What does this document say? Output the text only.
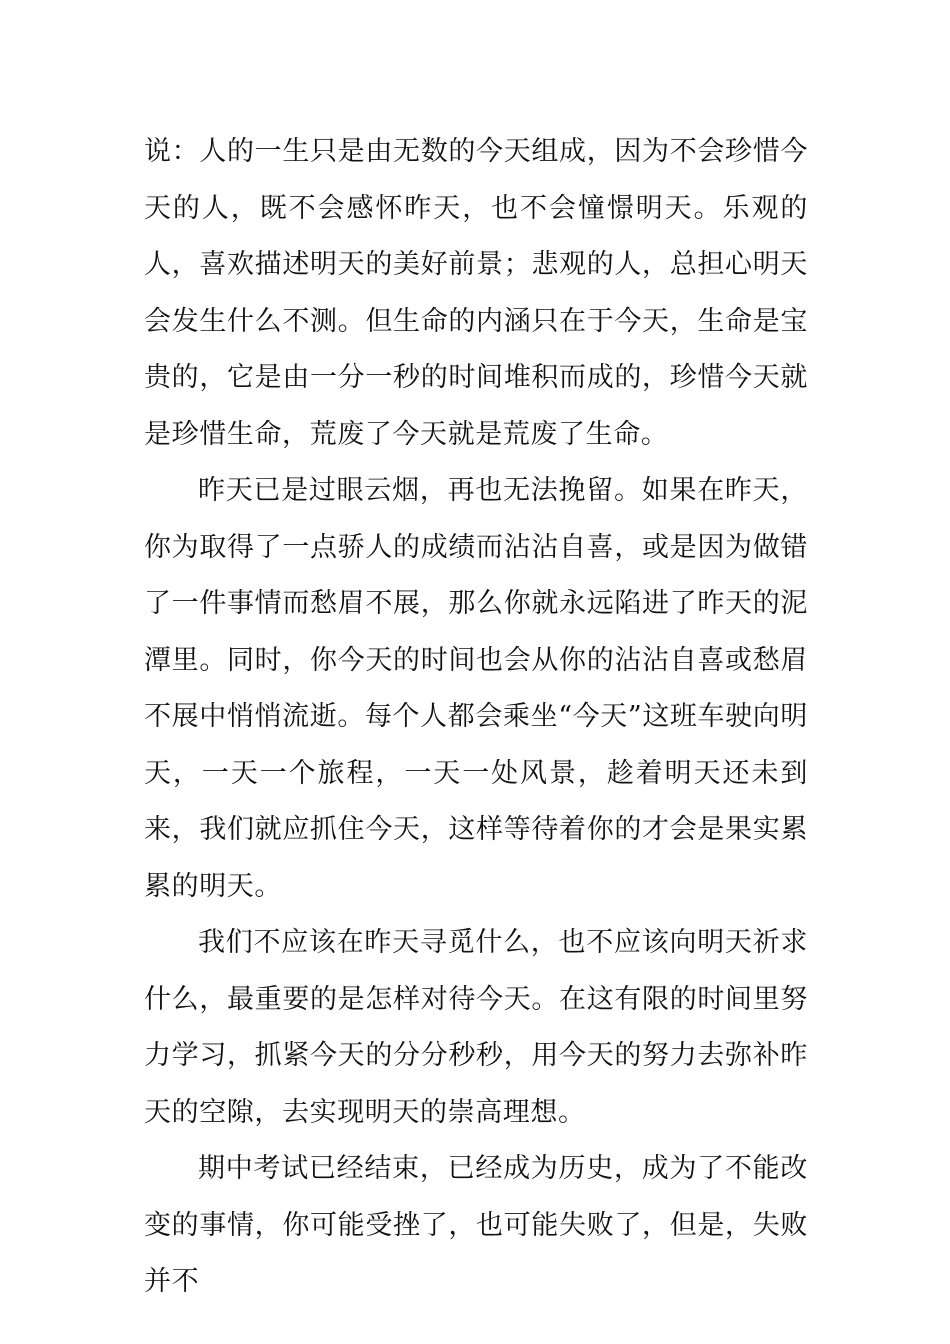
说：人的一生只是由无数的今天组成，因为不会珍惜今天的人，既不会感怀昨天，也不会憧憬明天。乐观的人，喜欢描述明天的美好前景；悲观的人，总担心明天会发生什么不测。但生命的内涵只在于今天，生命是宝贵的，它是由一分一秒的时间堆积而成的，珍惜今天就是珍惜生命，荒废了今天就是荒废了生命。

昨天已是过眼云烟，再也无法挽留。如果在昨天，你为取得了一点骄人的成绩而沾沾自喜，或是因为做错了一件事情而愁眉不展，那么你就永远陷进了昨天的泥潭里。同时，你今天的时间也会从你的沾沾自喜或愁眉不展中悄悄流逝。每个人都会乘坐“今天”这班车驶向明天，一天一个旅程，一天一处风景，趁着明天还未到来，我们就应抓住今天，这样等待着你的才会是果实累累的明天。

我们不应该在昨天寻觅什么，也不应该向明天祈求什么，最重要的是怎样对待今天。在这有限的时间里努力学习，抓紧今天的分分秒秒，用今天的努力去弥补昨天的空隙，去实现明天的崇高理想。

期中考试已经结束，已经成为历史，成为了不能改变的事情，你可能受挫了，也可能失败了，但是，失败并不
